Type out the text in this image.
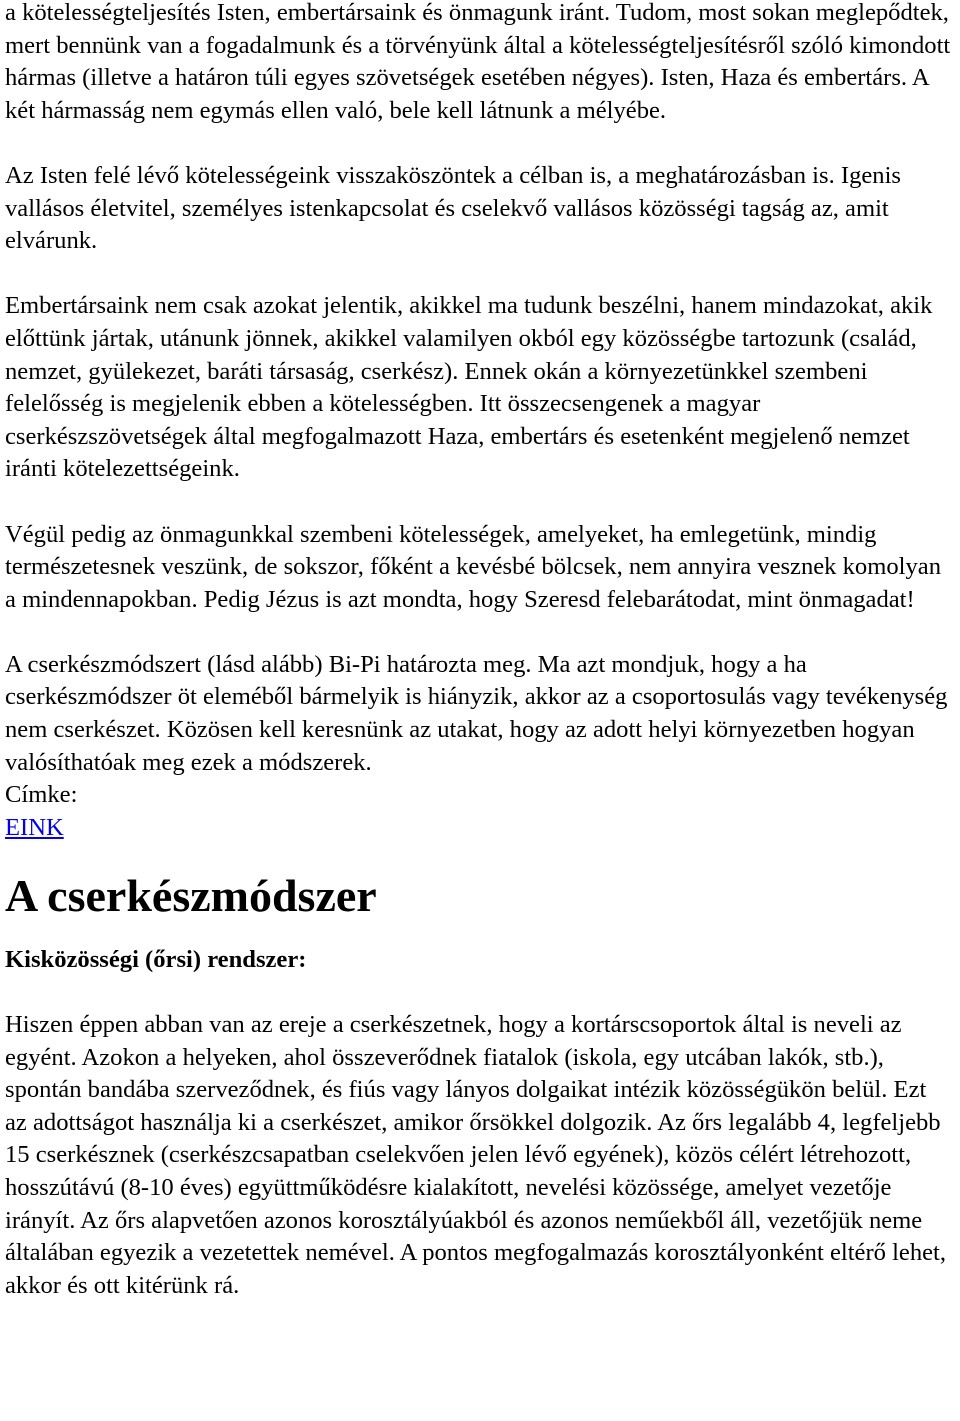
a kötelességteljesítés Isten, embertársaink és önmagunk iránt. Tudom, most sokan meglepődtek, mert bennünk van a fogadalmunk és a törvényünk által a kötelességteljesítésről szóló kimondott hármas (illetve a határon túli egyes szövetségek esetében négyes). Isten, Haza és embertárs. A két hármasság nem egymás ellen való, bele kell látnunk a mélyébe.

Az Isten felé lévő kötelességeink visszaköszöntek a célban is, a meghatározásban is. Igenis vallásos életvitel, személyes istenkapcsolat és cselekvő vallásos közösségi tagság az, amit elvárunk.

Embertársaink nem csak azokat jelentik, akikkel ma tudunk beszélni, hanem mindazokat, akik előttünk jártak, utánunk jönnek, akikkel valamilyen okból egy közösségbe tartozunk (család, nemzet, gyülekezet, baráti társaság, cserkész). Ennek okán a környezetünkkel szembeni felelősség is megjelenik ebben a kötelességben. Itt összecsengenek a magyar cserkészszövetségek által megfogalmazott Haza, embertárs és esetenként megjelenő nemzet iránti kötelezettségeink.

Végül pedig az önmagunkkal szembeni kötelességek, amelyeket, ha emlegetünk, mindig természetesnek veszünk, de sokszor, főként a kevésbé bölcsek, nem annyira vesznek komolyan a mindennapokban. Pedig Jézus is azt mondta, hogy Szeresd felebarátodat, mint önmagadat!

A cserkészmódszert (lásd alább) Bi-Pi határozta meg. Ma azt mondjuk, hogy a ha cserkészmódszer öt eleméből bármelyik is hiányzik, akkor az a csoportosulás vagy tevékenység nem cserkészet. Közösen kell keresnünk az utakat, hogy az adott helyi környezetben hogyan valósíthatóak meg ezek a módszerek.

Címke:
EINK
A cserkészmódszer
Kisközösségi (őrsi) rendszer:

Hiszen éppen abban van az ereje a cserkészetnek, hogy a kortárscsoportok által is neveli az egyént. Azokon a helyeken, ahol összeverődnek fiatalok (iskola, egy utcában lakók, stb.), spontán bandába szerveződnek, és fiús vagy lányos dolgaikat intézik közösségükön belül. Ezt az adottságot használja ki a cserkészet, amikor őrsökkel dolgozik. Az őrs legalább 4, legfeljebb 15 cserkésznek (cserkészcsapatban cselekvően jelen lévő egyének), közös célért létrehozott, hosszútávú (8-10 éves) együttműködésre kialakított, nevelési közössége, amelyet vezetője irányít. Az őrs alapvetően azonos korosztályúakból és azonos neműekből áll, vezetőjük neme általában egyezik a vezetettek nemével. A pontos megfogalmazás korosztályonként eltérő lehet, akkor és ott kitérünk rá.
